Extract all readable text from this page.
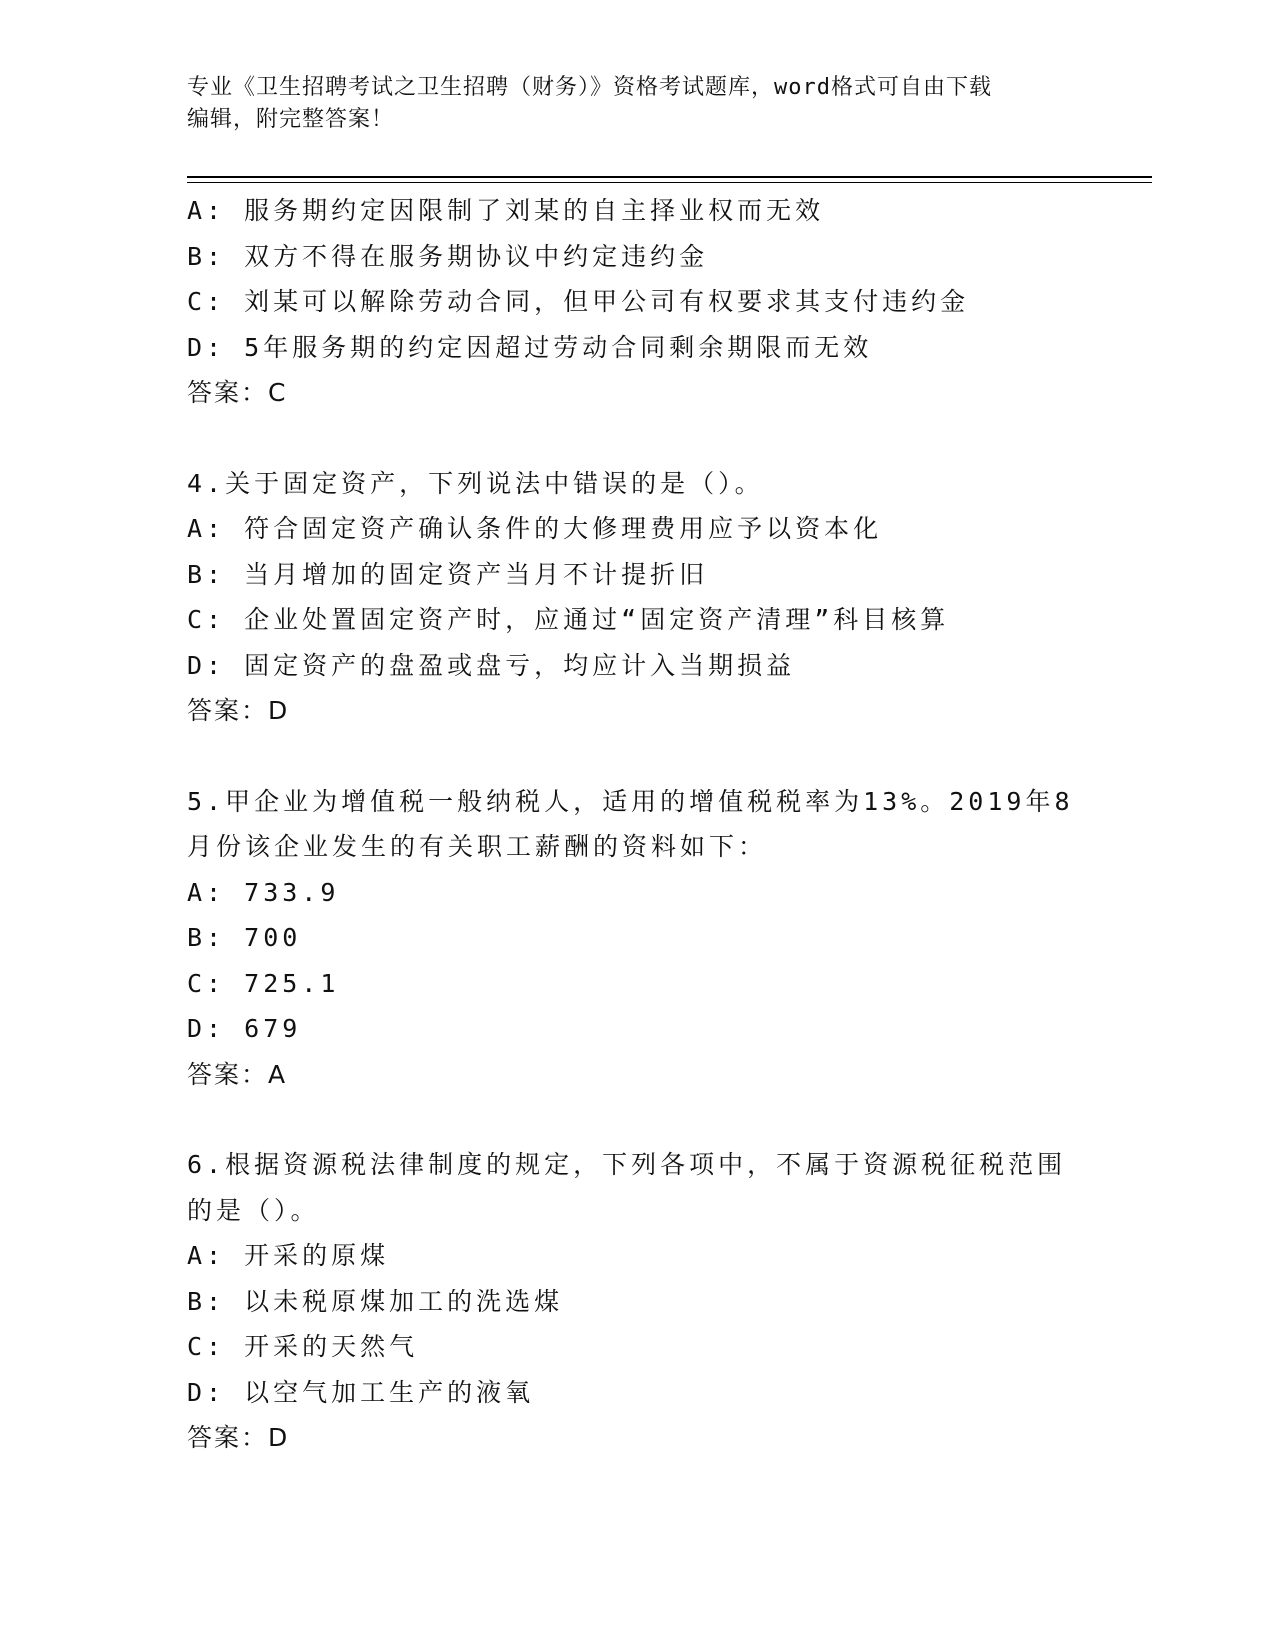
专业《卫生招聘考试之卫生招聘（财务）》资格考试题库，word格式可自由下载
编辑，附完整答案！
A: 服务期约定因限制了刘某的自主择业权而无效
B: 双方不得在服务期协议中约定违约金
C: 刘某可以解除劳动合同，但甲公司有权要求其支付违约金
D: 5年服务期的约定因超过劳动合同剩余期限而无效
答案：C
4.关于固定资产，下列说法中错误的是（）。
A: 符合固定资产确认条件的大修理费用应予以资本化
B: 当月增加的固定资产当月不计提折旧
C: 企业处置固定资产时，应通过“固定资产清理”科目核算
D: 固定资产的盘盈或盘亏，均应计入当期损益
答案：D
5.甲企业为增值税一般纳税人，适用的增值税税率为13%。2019年8
月份该企业发生的有关职工薪酬的资料如下：
A: 733.9
B: 700
C: 725.1
D: 679
答案：A
6.根据资源税法律制度的规定，下列各项中，不属于资源税征税范围
的是（）。
A: 开采的原煤
B: 以未税原煤加工的洗选煤
C: 开采的天然气
D: 以空气加工生产的液氧
答案：D
